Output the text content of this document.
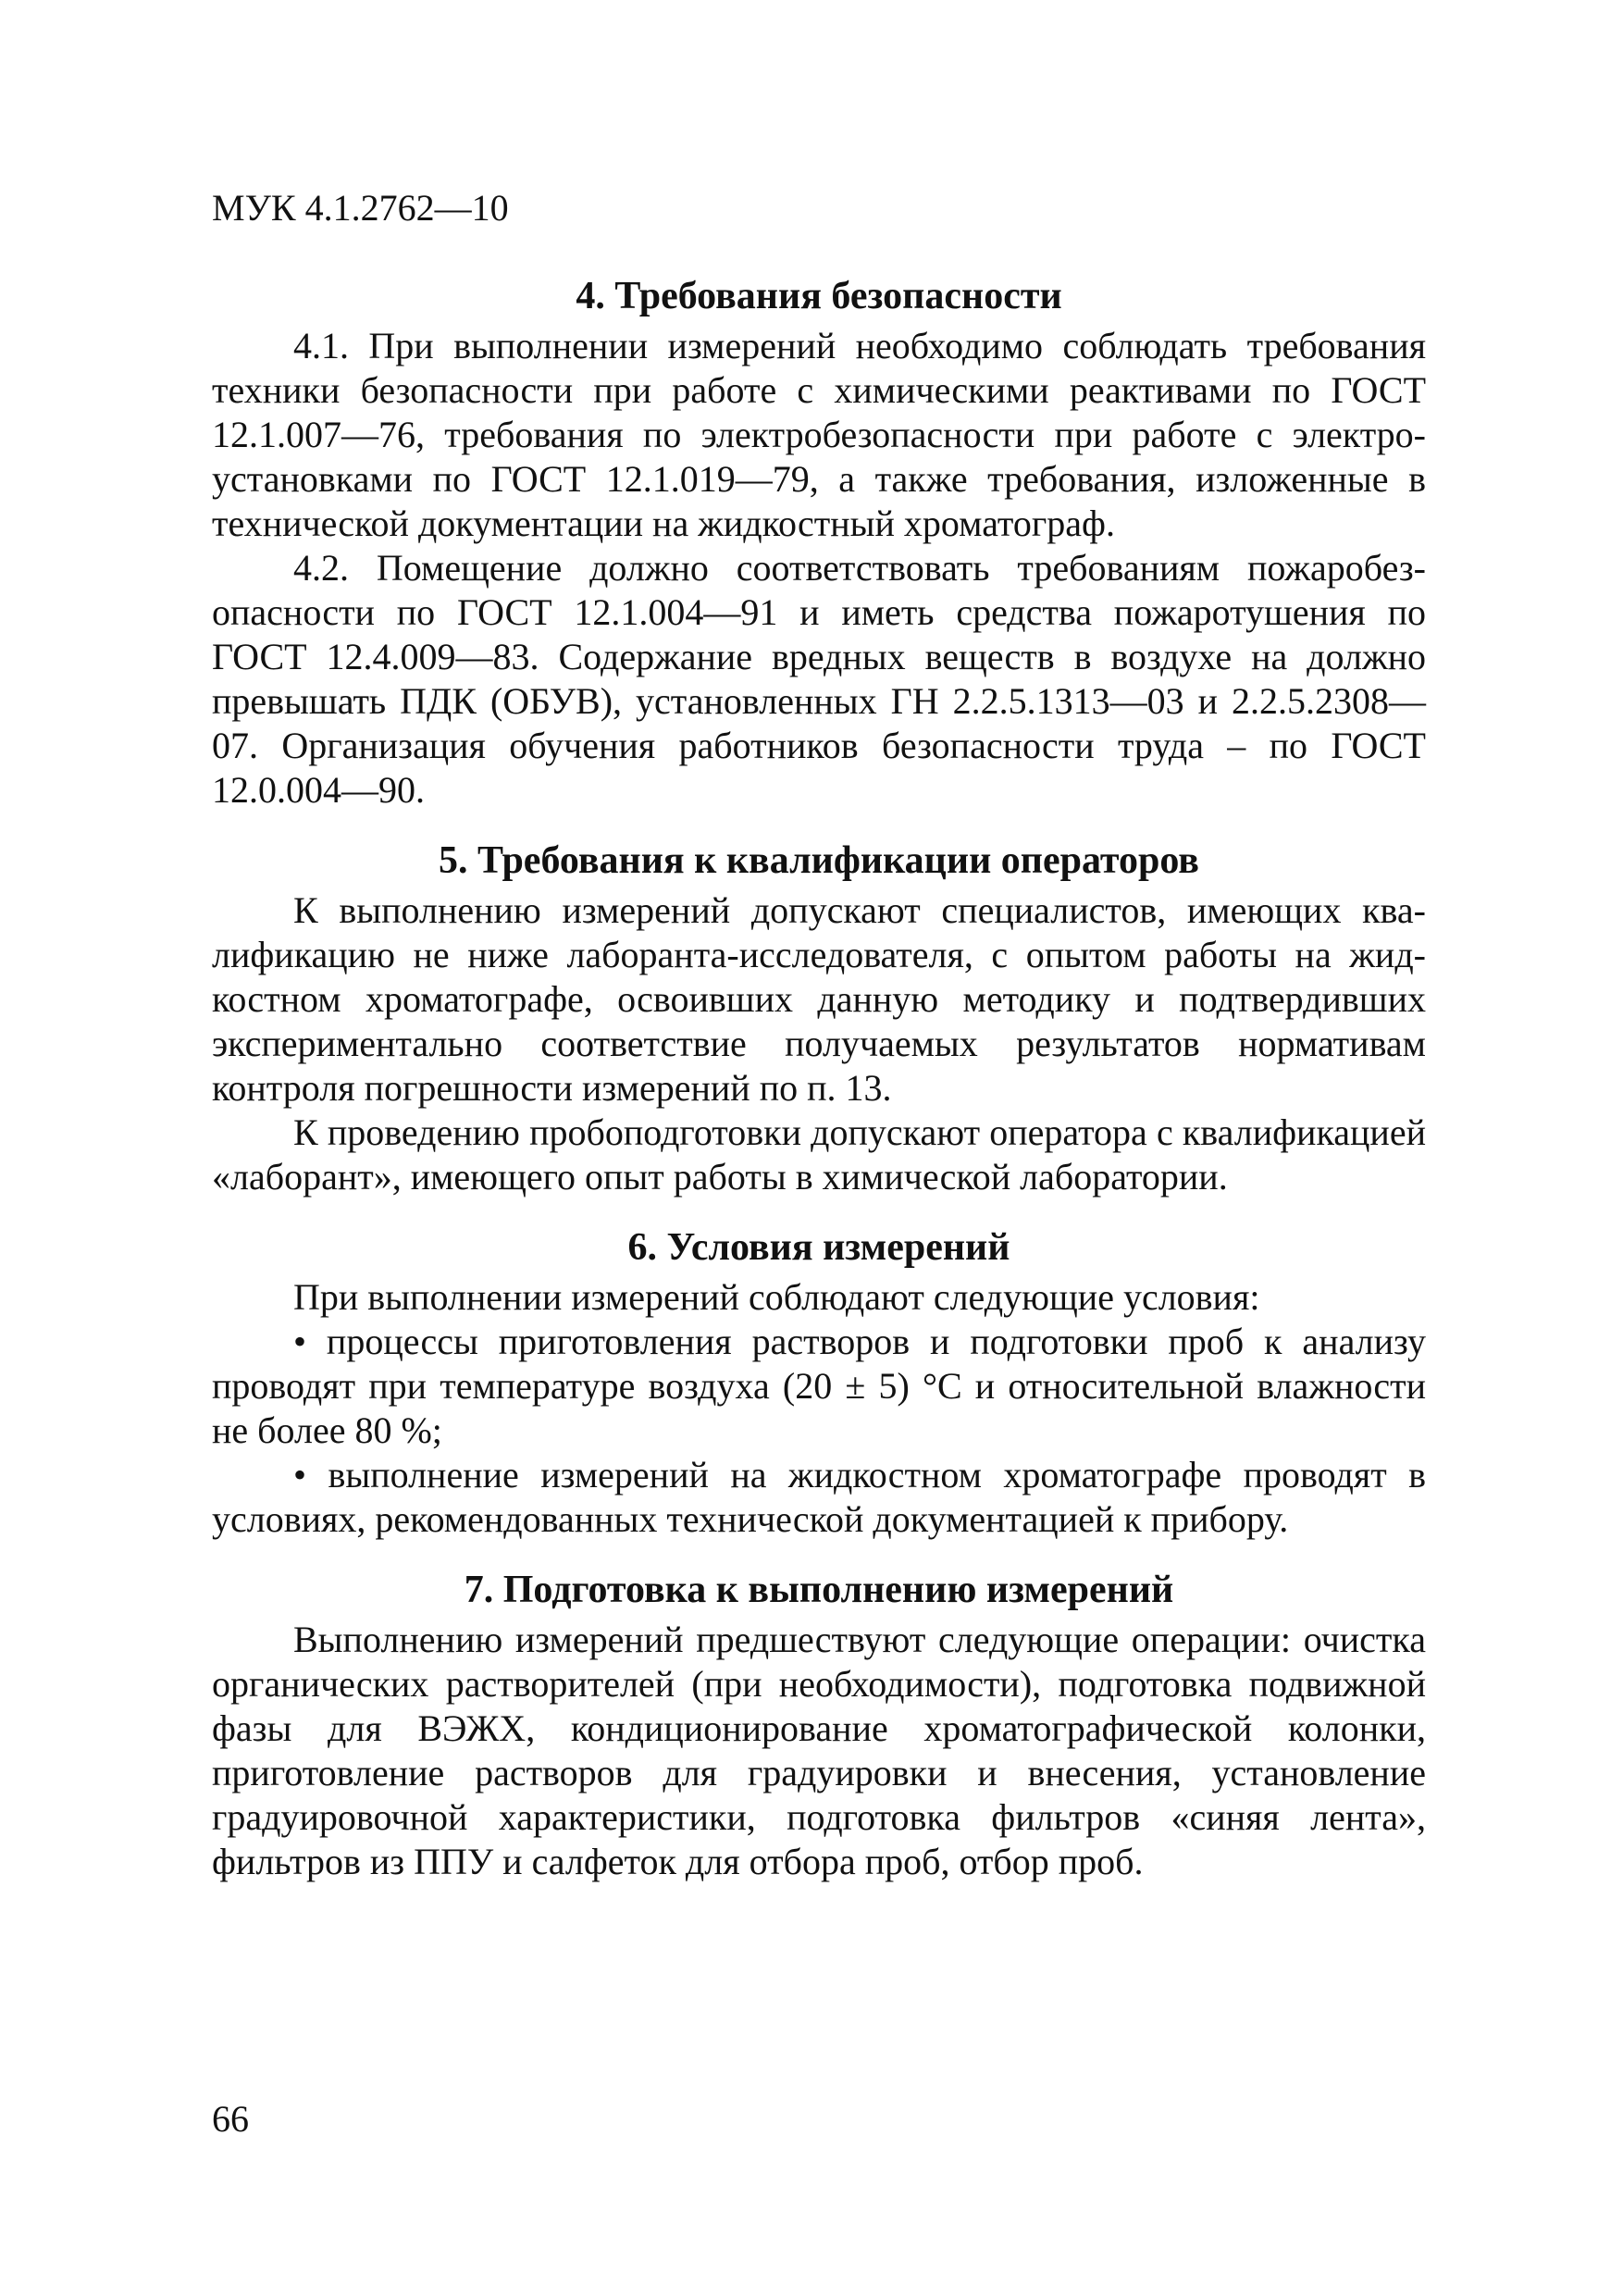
МУК 4.1.2762—10
4. Требования безопасности

4.1. При выполнении измерений необходимо соблюдать требования техники безопасности при работе с химическими реактивами по ГОСТ 12.1.007—76, требования по электробезопасности при работе с электроустановками по ГОСТ 12.1.019—79, а также требования, изложенные в технической документации на жидкостный хроматограф.

4.2. Помещение должно соответствовать требованиям пожаробезопасности по ГОСТ 12.1.004—91 и иметь средства пожаротушения по ГОСТ 12.4.009—83. Содержание вредных веществ в воздухе на должно превышать ПДК (ОБУВ), установленных ГН 2.2.5.1313—03 и 2.2.5.2308—07. Организация обучения работников безопасности труда – по ГОСТ 12.0.004—90.

5. Требования к квалификации операторов

К выполнению измерений допускают специалистов, имеющих квалификацию не ниже лаборанта-исследователя, с опытом работы на жидкостном хроматографе, освоивших данную методику и подтвердивших экспериментально соответствие получаемых результатов нормативам контроля погрешности измерений по п. 13.

К проведению пробоподготовки допускают оператора с квалификацией «лаборант», имеющего опыт работы в химической лаборатории.

6. Условия измерений

При выполнении измерений соблюдают следующие условия:

• процессы приготовления растворов и подготовки проб к анализу проводят при температуре воздуха (20 ± 5) °С и относительной влажности не более 80 %;

• выполнение измерений на жидкостном хроматографе проводят в условиях, рекомендованных технической документацией к прибору.

7. Подготовка к выполнению измерений

Выполнению измерений предшествуют следующие операции: очистка органических растворителей (при необходимости), подготовка подвижной фазы для ВЭЖХ, кондиционирование хроматографической колонки, приготовление растворов для градуировки и внесения, установление градуировочной характеристики, подготовка фильтров «синяя лента», фильтров из ППУ и салфеток для отбора проб, отбор проб.

66
